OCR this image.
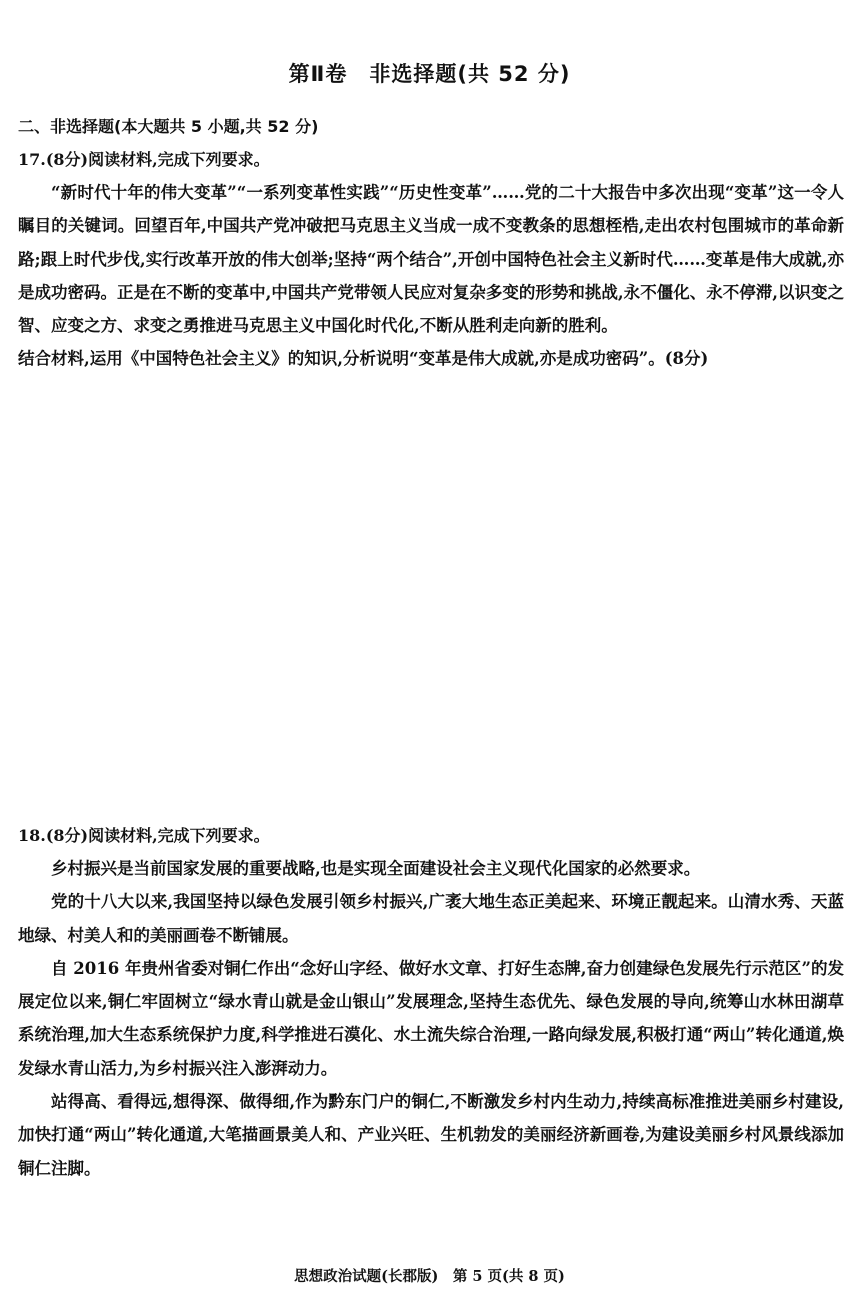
第Ⅱ卷　非选择题(共 52 分)
二、非选择题(本大题共 5 小题,共 52 分)
17.(8分)阅读材料,完成下列要求。

“新时代十年的伟大变革”“一系列变革性实践”“历史性变革”……党的二十大报告中多次出现“变革”这一令人瞩目的关键词。回望百年,中国共产党冲破把马克思主义当成一成不变教条的思想桎梏,走出农村包围城市的革命新路;跟上时代步伐,实行改革开放的伟大创举;坚持“两个结合”,开创中国特色社会主义新时代……变革是伟大成就,亦是成功密码。正是在不断的变革中,中国共产党带领人民应对复杂多变的形势和挑战,永不僵化、永不停滞,以识变之智、应变之方、求变之勇推进马克思主义中国化时代化,不断从胜利走向新的胜利。

结合材料,运用《中国特色社会主义》的知识,分析说明“变革是伟大成就,亦是成功密码”。(8分)

18.(8分)阅读材料,完成下列要求。

乡村振兴是当前国家发展的重要战略,也是实现全面建设社会主义现代化国家的必然要求。

党的十八大以来,我国坚持以绿色发展引领乡村振兴,广袤大地生态正美起来、环境正靓起来。山清水秀、天蓝地绿、村美人和的美丽画卷不断铺展。

自 2016 年贵州省委对铜仁作出“念好山字经、做好水文章、打好生态牌,奋力创建绿色发展先行示范区”的发展定位以来,铜仁牢固树立“绿水青山就是金山银山”发展理念,坚持生态优先、绿色发展的导向,统筹山水林田湖草系统治理,加大生态系统保护力度,科学推进石漠化、水土流失综合治理,一路向绿发展,积极打通“两山”转化通道,焕发绿水青山活力,为乡村振兴注入澎湃动力。

站得高、看得远,想得深、做得细,作为黔东门户的铜仁,不断激发乡村内生动力,持续高标准推进美丽乡村建设,加快打通“两山”转化通道,大笔描画景美人和、产业兴旺、生机勃发的美丽经济新画卷,为建设美丽乡村风景线添加铜仁注脚。

思想政治试题(长郡版)　第 5 页(共 8 页)
